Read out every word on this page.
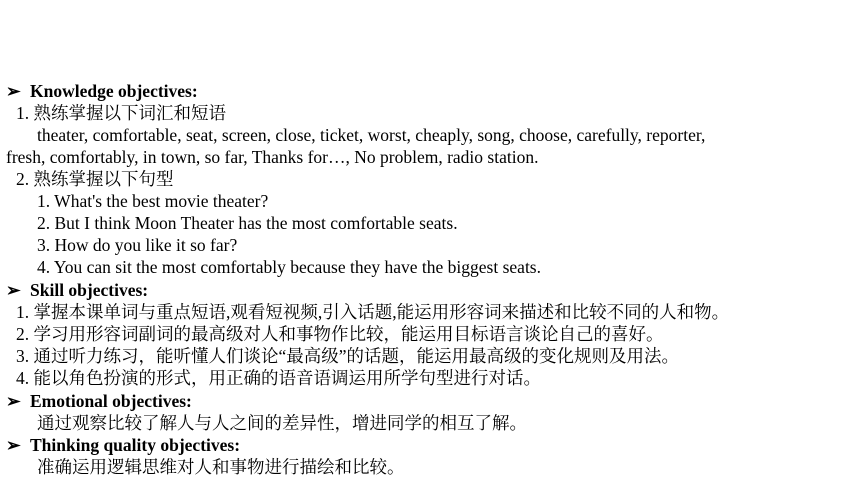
➢ Knowledge objectives:
1. 熟练掌握以下词汇和短语
theater, comfortable, seat, screen, close, ticket, worst, cheaply, song, choose, carefully, reporter,
fresh, comfortably, in town, so far, Thanks for…, No problem, radio station.
2. 熟练掌握以下句型
1. What's the best movie theater?
2. But I think Moon Theater has the most comfortable seats.
3. How do you like it so far?
4. You can sit the most comfortably because they have the biggest seats.
➢ Skill objectives:
1. 掌握本课单词与重点短语,观看短视频,引入话题,能运用形容词来描述和比较不同的人和物。
2. 学习用形容词副词的最高级对人和事物作比较，能运用目标语言谈论自己的喜好。
3. 通过听力练习，能听懂人们谈论“最高级”的话题，能运用最高级的变化规则及用法。
4. 能以角色扮演的形式，用正确的语音语调运用所学句型进行对话。
➢ Emotional objectives:
通过观察比较了解人与人之间的差异性，增进同学的相互了解。
➢ Thinking quality objectives:
准确运用逻辑思维对人和事物进行描绘和比较。
